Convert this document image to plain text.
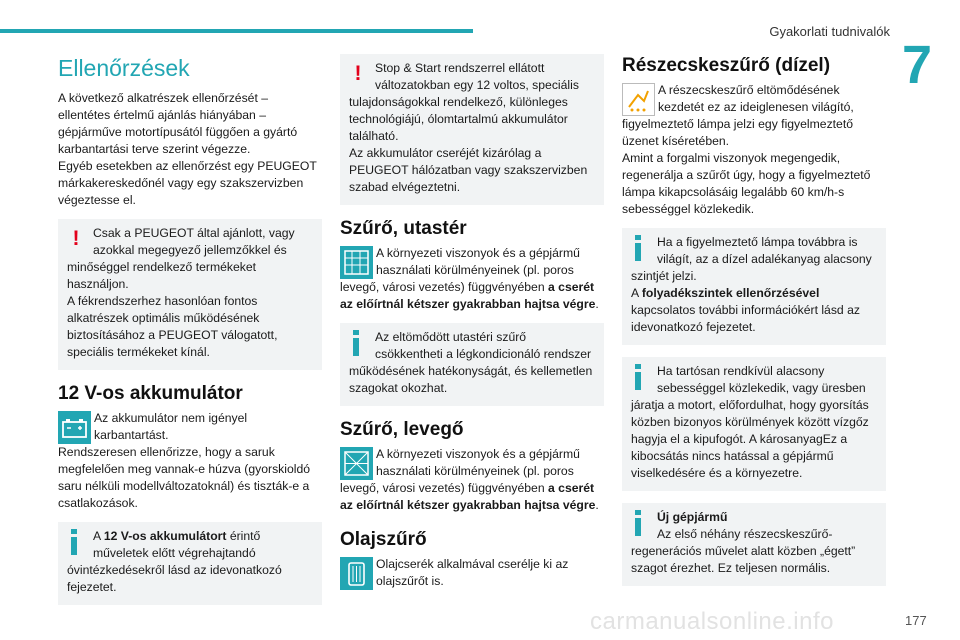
Gyakorlati tudnivalók
7
Ellenőrzések

A következő alkatrészek ellenőrzését – ellentétes értelmű ajánlás hiányában – gépjárműve motortípusától függően a gyártó karbantartási terve szerint végezze.

Egyéb esetekben az ellenőrzést egy PEUGEOT márkakereskedőnél vagy egy szakszervizben végeztesse el.

!	Csak a PEUGEOT által ajánlott, vagy azokkal megegyező jellemzőkkel és minőséggel rendelkező termékeket használjon.

A fékrendszerhez hasonlóan fontos alkatrészek optimális működésének biztosításához a PEUGEOT válogatott, speciális termékeket kínál.

12 V-os akkumulátor

Az akkumulátor nem igényel karbantartást.

Rendszeresen ellenőrizze, hogy a saruk megfelelően meg vannak-e húzva (gyorskioldó saru nélküli modellváltozatoknál) és tiszták-e a csatlakozások.

A 12 V-os akkumulátort érintő műveletek előtt végrehajtandó óvintézkedésekről lásd az idevonatkozó fejezetet.

!	Stop & Start rendszerrel ellátott változatokban egy 12 voltos, speciális tulajdonságokkal rendelkező, különleges technológiájú, ólomtartalmú akkumulátor található.

Az akkumulátor cseréjét kizárólag a PEUGEOT hálózatban vagy szakszervizben szabad elvégeztetni.

Szűrő, utastér

A környezeti viszonyok és a gépjármű használati körülményeinek (pl. poros levegő, városi vezetés) függvényében a cserét az előírtnál kétszer gyakrabban hajtsa végre.

Az eltömődött utastéri szűrő csökkentheti a légkondicionáló rendszer működésének hatékonyságát, és kellemetlen szagokat okozhat.

Szűrő, levegő

A környezeti viszonyok és a gépjármű használati körülményeinek (pl. poros levegő, városi vezetés) függvényében a cserét az előírtnál kétszer gyakrabban hajtsa végre.

Olajszűrő

Olajcserék alkalmával cserélje ki az olajszűrőt is.

Részecskeszűrő (dízel)

A részecskeszűrő eltömődésének kezdetét ez az ideiglenesen világító, figyelmeztető lámpa jelzi egy figyelmeztető üzenet kíséretében.

Amint a forgalmi viszonyok megengedik, regenerálja a szűrőt úgy, hogy a figyelmeztető lámpa kikapcsolásáig legalább 60 km/h-s sebességgel közlekedik.

Ha a figyelmeztető lámpa továbbra is világít, az a dízel adalékanyag alacsony szintjét jelzi.

A folyadékszintek ellenőrzésével kapcsolatos további információkért lásd az idevonatkozó fejezetet.

Ha tartósan rendkívül alacsony sebességgel közlekedik, vagy üresben járatja a motort, előfordulhat, hogy gyorsítás közben bizonyos körülmények között vízgőz hagyja el a kipufogót. A károsanyagEz a kibocsátás nincs hatással a gépjármű viselkedésére és a környezetre.

Új gépjármű

Az első néhány részecskeszűrő-regenerációs művelet alatt közben „égett” szagot érezhet. Ez teljesen normális.

carmanualsonline.info	177
